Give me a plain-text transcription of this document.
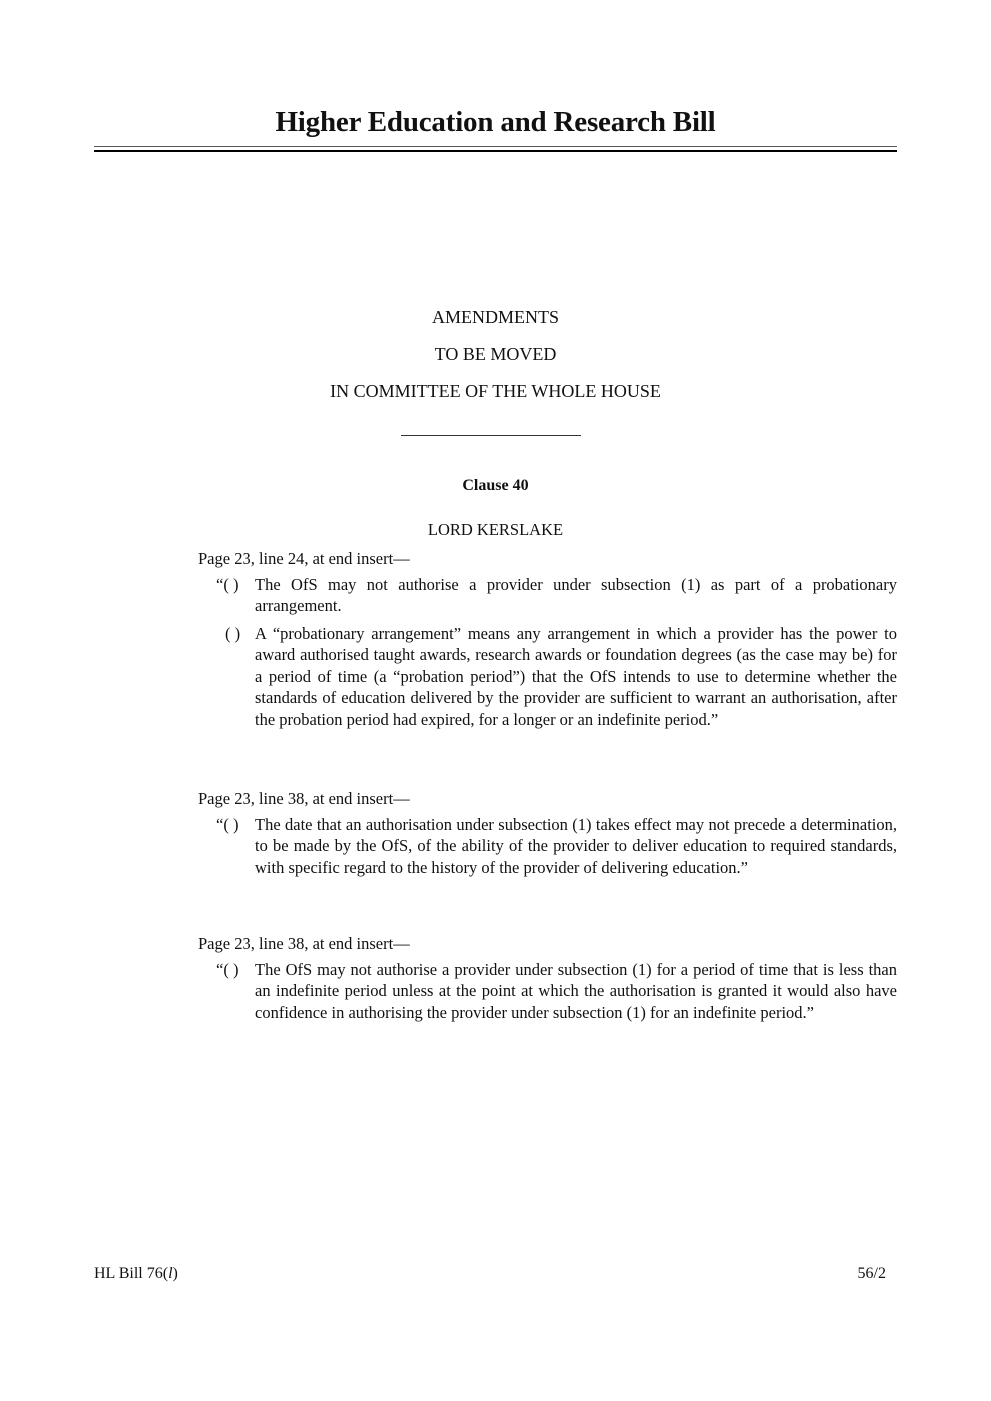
Higher Education and Research Bill
AMENDMENTS
TO BE MOVED
IN COMMITTEE OF THE WHOLE HOUSE
Clause 40
LORD KERSLAKE
Page 23, line 24, at end insert—
“( ) The OfS may not authorise a provider under subsection (1) as part of a probationary arrangement.
( ) A “probationary arrangement” means any arrangement in which a provider has the power to award authorised taught awards, research awards or foundation degrees (as the case may be) for a period of time (a “probation period”) that the OfS intends to use to determine whether the standards of education delivered by the provider are sufficient to warrant an authorisation, after the probation period had expired, for a longer or an indefinite period.”
Page 23, line 38, at end insert—
“( ) The date that an authorisation under subsection (1) takes effect may not precede a determination, to be made by the OfS, of the ability of the provider to deliver education to required standards, with specific regard to the history of the provider of delivering education.”
Page 23, line 38, at end insert—
“( ) The OfS may not authorise a provider under subsection (1) for a period of time that is less than an indefinite period unless at the point at which the authorisation is granted it would also have confidence in authorising the provider under subsection (1) for an indefinite period.”
HL Bill 76(l)	56/2
